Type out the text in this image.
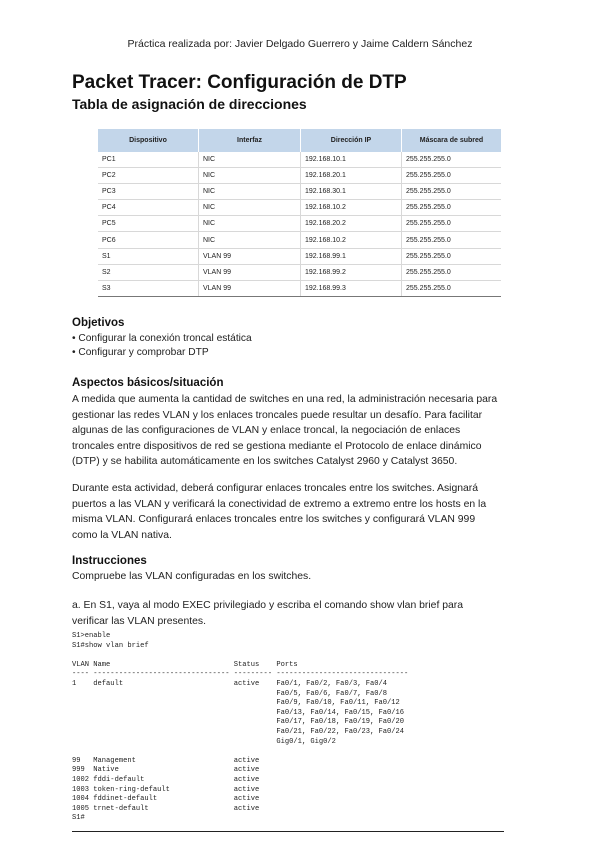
Práctica realizada por: Javier Delgado Guerrero y Jaime Caldern Sánchez
Packet Tracer: Configuración de DTP
Tabla de asignación de direcciones
Dispositivo	Interfaz	Dirección IP	Máscara de subred
PC1	NIC	192.168.10.1	255.255.255.0
PC2	NIC	192.168.20.1	255.255.255.0
PC3	NIC	192.168.30.1	255.255.255.0
PC4	NIC	192.168.10.2	255.255.255.0
PC5	NIC	192.168.20.2	255.255.255.0
PC6	NIC	192.168.10.2	255.255.255.0
S1	VLAN 99	192.168.99.1	255.255.255.0
S2	VLAN 99	192.168.99.2	255.255.255.0
S3	VLAN 99	192.168.99.3	255.255.255.0
Objetivos
• Configurar la conexión troncal estática
• Configurar y comprobar DTP
Aspectos básicos/situación
A medida que aumenta la cantidad de switches en una red, la administración necesaria para
gestionar las redes VLAN y los enlaces troncales puede resultar un desafío. Para facilitar
algunas de las configuraciones de VLAN y enlace troncal, la negociación de enlaces
troncales entre dispositivos de red se gestiona mediante el Protocolo de enlace dinámico
(DTP) y se habilita automáticamente en los switches Catalyst 2960 y Catalyst 3650.
Durante esta actividad, deberá configurar enlaces troncales entre los switches. Asignará
puertos a las VLAN y verificará la conectividad de extremo a extremo entre los hosts en la
misma VLAN. Configurará enlaces troncales entre los switches y configurará VLAN 999
como la VLAN nativa.
Instrucciones
Compruebe las VLAN configuradas en los switches.
a. En S1, vaya al modo EXEC privilegiado y escriba el comando show vlan brief para
verificar las VLAN presentes.
S1>enable
S1#show vlan brief
VLAN Name                             Status    Ports
---- -------------------------------- --------- -------------------------------
1    default                          active    Fa0/1, Fa0/2, Fa0/3, Fa0/4
Fa0/5, Fa0/6, Fa0/7, Fa0/8
Fa0/9, Fa0/10, Fa0/11, Fa0/12
Fa0/13, Fa0/14, Fa0/15, Fa0/16
Fa0/17, Fa0/18, Fa0/19, Fa0/20
Fa0/21, Fa0/22, Fa0/23, Fa0/24
Gig0/1, Gig0/2
99   Management                       active
999  Native                           active
1002 fddi-default                     active
1003 token-ring-default               active
1004 fddinet-default                  active
1005 trnet-default                    active
S1#
